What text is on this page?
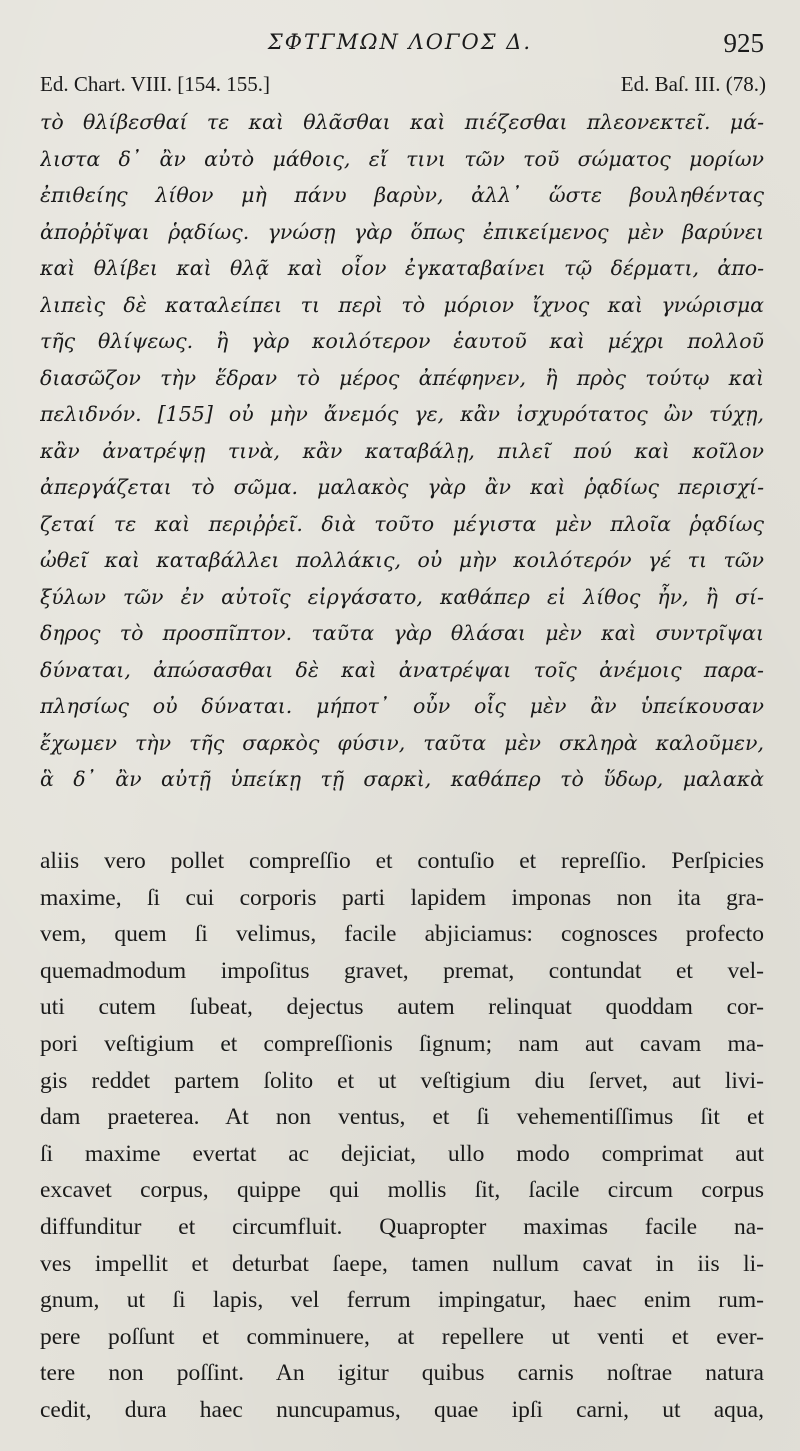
ΣΦΤΓΜΩΝ ΛΟΓΟΣ Δ.	925
Ed. Chart. VIII. [154. 155.]	Ed. Baſ. III. (78.)
τὸ θλίβεσθαί τε καὶ θλᾶσθαι καὶ πιέζεσθαι πλεονεκτεῖ. μά-
λιστα δ᾽ ἂν αὐτὸ μάθοις, εἴ τινι τῶν τοῦ σώματος μορίων
ἐπιθείης λίθον μὴ πάνυ βαρὺν, ἀλλ᾽ ὥστε βουληθέντας
ἀποῤῥῖψαι ῥᾳδίως. γνώσῃ γὰρ ὅπως ἐπικείμενος μὲν βαρύνει
καὶ θλίβει καὶ θλᾷ καὶ οἷον ἐγκαταβαίνει τῷ δέρματι, ἀπο-
λιπεὶς δὲ καταλείπει τι περὶ τὸ μόριον ἴχνος καὶ γνώρισμα
τῆς θλίψεως. ἢ γὰρ κοιλότερον ἑαυτοῦ καὶ μέχρι πολλοῦ
διασῶζον τὴν ἕδραν τὸ μέρος ἀπέφηνεν, ἢ πρὸς τούτῳ καὶ
πελιδνόν. [155] οὐ μὴν ἄνεμός γε, κἂν ἰσχυρότατος ὢν τύχῃ,
κἂν ἀνατρέψῃ τινὰ, κἂν καταβάλῃ, πιλεῖ πού καὶ κοῖλον
ἀπεργάζεται τὸ σῶμα. μαλακὸς γὰρ ἂν καὶ ῥᾳδίως περισχί-
ζεταί τε καὶ περιῤῥεῖ. διὰ τοῦτο μέγιστα μὲν πλοῖα ῥᾳδίως
ὠθεῖ καὶ καταβάλλει πολλάκις, οὐ μὴν κοιλότερόν γέ τι τῶν
ξύλων τῶν ἐν αὐτοῖς εἰργάσατο, καθάπερ εἰ λίθος ἦν, ἢ σί-
δηρος τὸ προσπῖπτον. ταῦτα γὰρ θλάσαι μὲν καὶ συντρῖψαι
δύναται, ἀπώσασθαι δὲ καὶ ἀνατρέψαι τοῖς ἀνέμοις παρα-
πλησίως οὐ δύναται. μήποτ᾽ οὖν οἷς μὲν ἂν ὑπείκουσαν
ἔχωμεν τὴν τῆς σαρκὸς φύσιν, ταῦτα μὲν σκληρὰ καλοῦμεν,
ἃ δ᾽ ἂν αὐτῇ ὑπείκῃ τῇ σαρκὶ, καθάπερ τὸ ὕδωρ, μαλακὰ
aliis vero pollet compreſſio et contuſio et repreſſio. Perſpicies
maxime, ſi cui corporis parti lapidem imponas non ita gra-
vem, quem ſi velimus, facile abjiciamus: cognosces profecto
quemadmodum impoſitus gravet, premat, contundat et vel-
uti cutem ſubeat, dejectus autem relinquat quoddam cor-
pori veſtigium et compreſſionis ſignum; nam aut cavam ma-
gis reddet partem ſolito et ut veſtigium diu ſervet, aut livi-
dam praeterea. At non ventus, et ſi vehementiſſimus ſit et
ſi maxime evertat ac dejiciat, ullo modo comprimat aut
excavet corpus, quippe qui mollis ſit, ſacile circum corpus
diffunditur et circumfluit. Quapropter maximas facile na-
ves impellit et deturbat ſaepe, tamen nullum cavat in iis li-
gnum, ut ſi lapis, vel ferrum impingatur, haec enim rum-
pere poſſunt et comminuere, at repellere ut venti et ever-
tere non poſſint. An igitur quibus carnis noſtrae natura
cedit, dura haec nuncupamus, quae ipſi carni, ut aqua,
